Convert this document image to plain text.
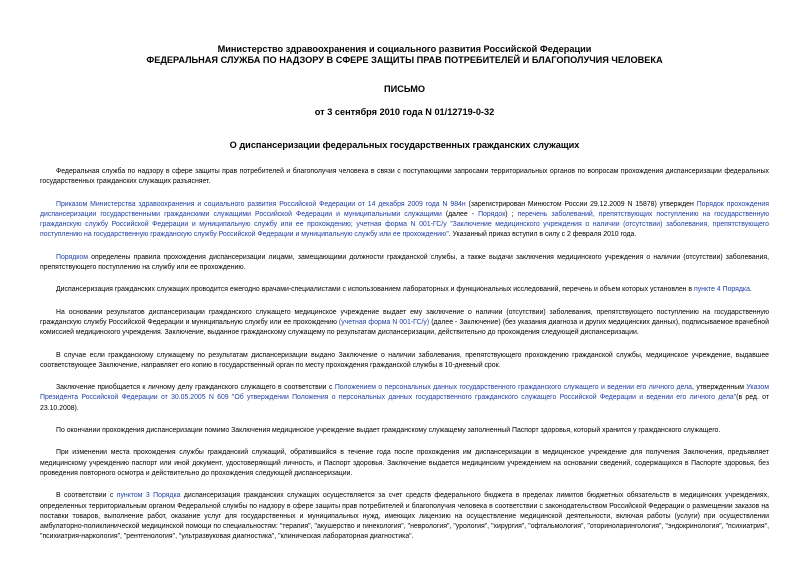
Министерство здравоохранения и социального развития Российской Федерации
ФЕДЕРАЛЬНАЯ СЛУЖБА ПО НАДЗОРУ В СФЕРЕ ЗАЩИТЫ ПРАВ ПОТРЕБИТЕЛЕЙ И БЛАГОПОЛУЧИЯ ЧЕЛОВЕКА
ПИСЬМО
от 3 сентября 2010 года N 01/12719-0-32
О диспансеризации федеральных государственных гражданских служащих

Федеральная служба по надзору в сфере защиты прав потребителей и благополучия человека в связи с поступающими запросами территориальных органов по вопросам прохождения диспансеризации федеральных государственных гражданских служащих разъясняет.

Приказом Министерства здравоохранения и социального развития Российской Федерации от 14 декабря 2009 года N 984н (зарегистрирован Минюстом России 29.12.2009 N 15878) утвержден Порядок прохождения диспансеризации государственными гражданскими служащими Российской Федерации и муниципальными служащими (далее - Порядок) ; перечень заболеваний, препятствующих поступлению на государственную гражданскую службу Российской Федерации и муниципальную службу или ее прохождению; учетная форма N 001-ГС/у "Заключение медицинского учреждения о наличии (отсутствии) заболевания, препятствующего поступлению на государственную гражданскую службу Российской Федерации и муниципальную службу или ее прохождению". Указанный приказ вступил в силу с 2 февраля 2010 года.

Порядком определены правила прохождения диспансеризации лицами, замещающими должности гражданской службы, а также выдачи заключения медицинского учреждения о наличии (отсутствии) заболевания, препятствующего поступлению на службу или ее прохождению.

Диспансеризация гражданских служащих проводится ежегодно врачами-специалистами с использованием лабораторных и функциональных исследований, перечень и объем которых установлен в пункте 4 Порядка.

На основании результатов диспансеризации гражданского служащего медицинское учреждение выдает ему заключение о наличии (отсутствии) заболевания, препятствующего поступлению на государственную гражданскую службу Российской Федерации и муниципальную службу или ее прохождению (учетная форма N 001-ГС/у) (далее - Заключение) (без указания диагноза и других медицинских данных), подписываемое врачебной комиссией медицинского учреждения. Заключение, выданное гражданскому служащему по результатам диспансеризации, действительно до прохождения следующей диспансеризации.

В случае если гражданскому служащему по результатам диспансеризации выдано Заключение о наличии заболевания, препятствующего прохождению гражданской службы, медицинское учреждение, выдавшее соответствующее Заключение, направляет его копию в государственный орган по месту прохождения гражданской службы в 10-дневный срок.

Заключение приобщается к личному делу гражданского служащего в соответствии с Положением о персональных данных государственного гражданского служащего и ведении его личного дела, утвержденным Указом Президента Российской Федерации от 30.05.2005 N 609 "Об утверждении Положения о персональных данных государственного гражданского служащего Российской Федерации и ведении его личного дела"(в ред. от 23.10.2008).

По окончании прохождения диспансеризации помимо Заключения медицинское учреждение выдает гражданскому служащему заполненный Паспорт здоровья, который хранится у гражданского служащего.

При изменении места прохождения службы гражданский служащий, обратившийся в течение года после прохождения им диспансеризации в медицинское учреждение для получения Заключения, предъявляет медицинскому учреждению паспорт или иной документ, удостоверяющий личность, и Паспорт здоровья. Заключение выдается медицинским учреждением на основании сведений, содержащихся в Паспорте здоровья, без проведения повторного осмотра и действительно до прохождения следующей диспансеризации.

В соответствии с пунктом 3 Порядка диспансеризация гражданских служащих осуществляется за счет средств федерального бюджета в пределах лимитов бюджетных обязательств в медицинских учреждениях, определенных территориальным органом Федеральной службы по надзору в сфере защиты прав потребителей и благополучия человека в соответствии с законодательством Российской Федерации о размещении заказов на поставки товаров, выполнение работ, оказание услуг для государственных и муниципальных нужд, имеющих лицензию на осуществление медицинской деятельности, включая работы (услуги) при осуществлении амбулаторно-поликлинической медицинской помощи по специальностям: "терапия", "акушерство и гинекология", "неврология", "урология", "хирургия", "офтальмология", "оториноларингология", "эндокринология", "психиатрия", "психиатрия-наркология", "рентгенология", "ультразвуковая диагностика", "клиническая лабораторная диагностика".
